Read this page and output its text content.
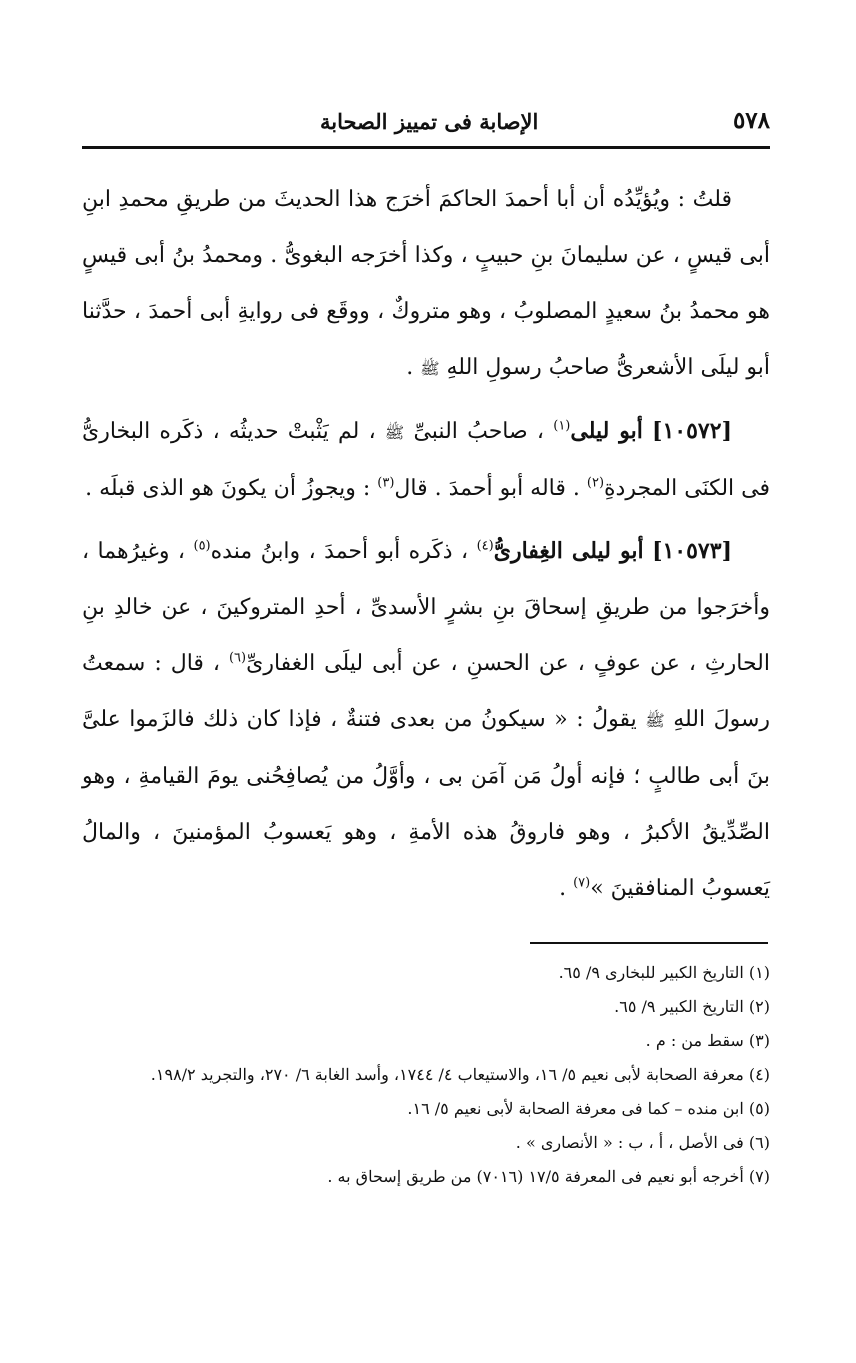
٥٧٨
الإصابة فى تمييز الصحابة

قلتُ : ويُؤيِّدُه أن أبا أحمدَ الحاكمَ أخرَج هذا الحديثَ من طريقِ محمدِ ابنِ أبى قيسٍ ، عن سليمانَ بنِ حبيبٍ ، وكذا أخرَجه البغوىُّ . ومحمدُ بنُ أبى قيسٍ هو محمدُ بنُ سعيدٍ المصلوبُ ، وهو متروكٌ ، ووقَع فى روايةِ أبى أحمدَ ، حدَّثنا أبو ليلَى الأشعرىُّ صاحبُ رسولِ اللهِ ﷺ .

[١٠٥٧٢] أبو ليلى$^{(١)}$ ، صاحبُ النبىِّ ﷺ ، لم يَثْبتْ حديثُه ، ذكَره البخارىُّ فى الكنَى المجردةِ$^{(٢)}$ . قاله أبو أحمدَ . قال$^{(٣)}$ : ويجوزُ أن يكونَ هو الذى قبلَه .

[١٠٥٧٣] أبو ليلى الغِفارىُّ$^{(٤)}$ ، ذكَره أبو أحمدَ ، وابنُ منده$^{(٥)}$ ، وغيرُهما ، وأخرَجوا من طريقِ إسحاقَ بنِ بشرٍ الأسدىِّ ، أحدِ المتروكينَ ، عن خالدِ بنِ الحارثِ ، عن عوفٍ ، عن الحسنِ ، عن أبى ليلَى الغفارىِّ$^{(٦)}$ ، قال : سمعتُ رسولَ اللهِ ﷺ يقولُ : « سيكونُ من بعدى فتنةٌ ، فإذا كان ذلك فالزَموا علىَّ بنَ أبى طالبٍ ؛ فإنه أولُ مَن آمَن بى ، وأوَّلُ من يُصافِحُنى يومَ القيامةِ ، وهو الصِّدِّيقُ الأكبرُ ، وهو فاروقُ هذه الأمةِ ، وهو يَعسوبُ المؤمنينَ ، والمالُ يَعسوبُ المنافقينَ »$^{(٧)}$ .

(١) التاريخ الكبير للبخارى ٩/ ٦٥.

(٢) التاريخ الكبير ٩/ ٦٥.

(٣) سقط من : م .

(٤) معرفة الصحابة لأبى نعيم ٥/ ١٦، والاستيعاب ٤/ ١٧٤٤، وأسد الغابة ٦/ ٢٧٠، والتجريد ١٩٨/٢.

(٥) ابن منده – كما فى معرفة الصحابة لأبى نعيم ٥/ ١٦.

(٦) فى الأصل ، أ ، ب : « الأنصارى » .

(٧) أخرجه أبو نعيم فى المعرفة ١٧/٥ (٧٠١٦) من طريق إسحاق به .
